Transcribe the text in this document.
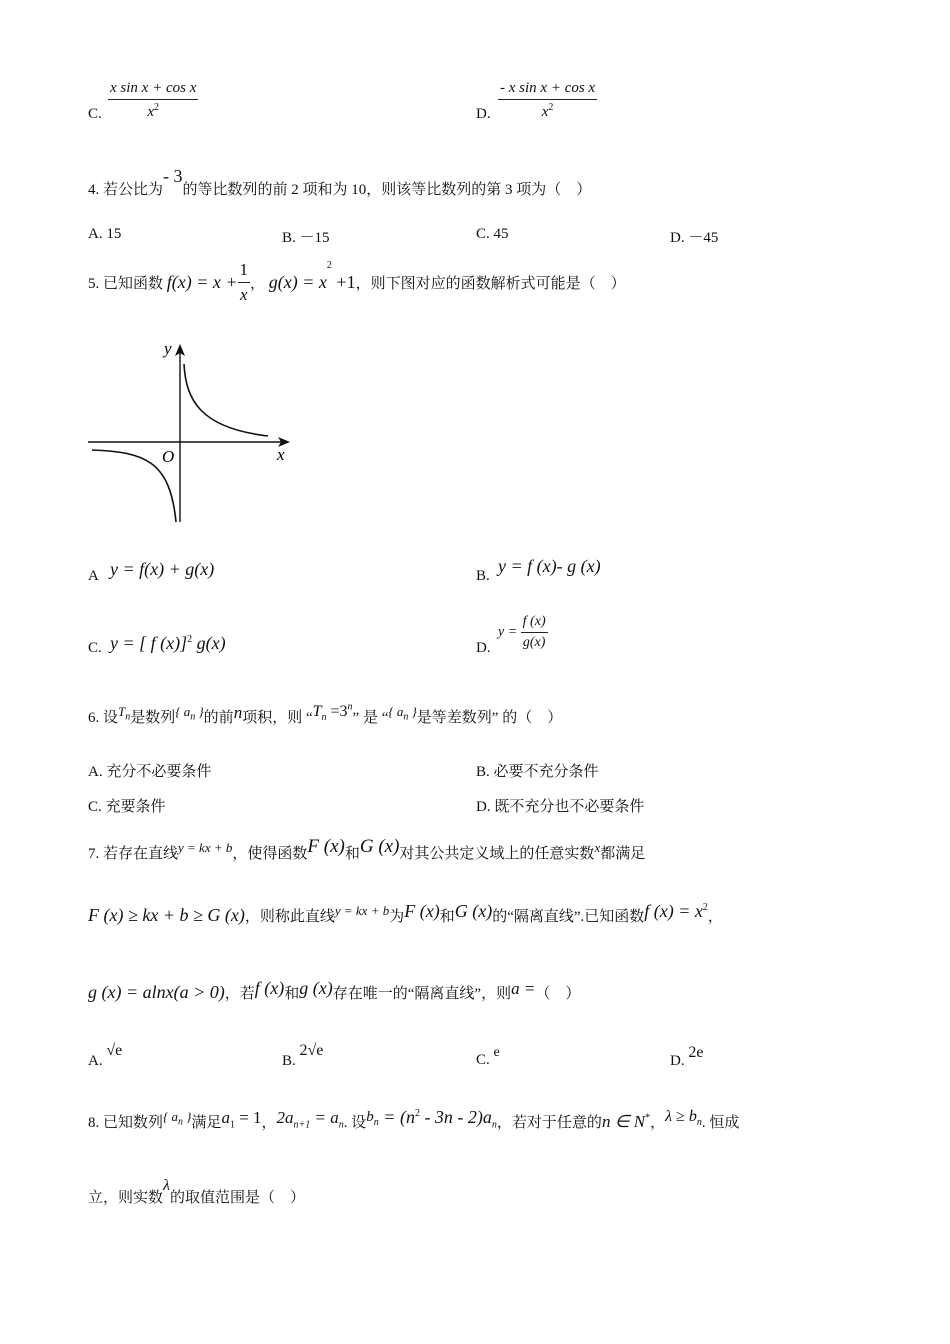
C. $\frac{\text{x sin x + cos x}}{x^2}$	D. $\frac{\text{- x sin x + cos x}}{x^2}$
4. 若公比为- 3的等比数列的前 2 项和为 10，则该等比数列的第 3 项为（　）
A. 15	B. －15	C. 45	D. －45
5. 已知函数 $f(x) = x + \frac{1}{x}$ ， $g(x) = x^2 +1$，则下图对应的函数解析式可能是（　）
y
x
O
A y = f(x) + g(x)	B. y = f (x)- g (x)
C. y = [ f (x)]$^2$ g(x)	D.
$y = \frac{f (x)}{g(x)}$
6. 设$T_n$是数列{ $a_n$ }的前n项积，则 “$T_n =3^n$” 是 “{ $a_n$ }是等差数列” 的（　）
A. 充分不必要条件	B. 必要不充分条件
C. 充要条件	D. 既不充分也不必要条件
7. 若存在直线y = kx + b，使得函数F (x)和G (x)对其公共定义域上的任意实数x都满足
F (x) ≥ kx + b ≥ G (x)，则称此直线y = kx + b为F (x)和G (x)的“隔离直线”.已知函数f $(x) = x^2$，
g (x) = alnx(a > 0)，若f (x)和g (x)存在唯一的“隔离直线”，则a =（　）
A. √e
B. 2√e
C. e
D. 2e
8. 已知数列{ $a_n$ }满足$a_1 = 1$，$2a_{n+1} = a_n$. 设$b_n = (n^2 - 3n - 2)a_n$，若对于任意的n ∈ N*，$\lambda \ge b_n$. 恒成
立，则实数λ的取值范围是（　）
